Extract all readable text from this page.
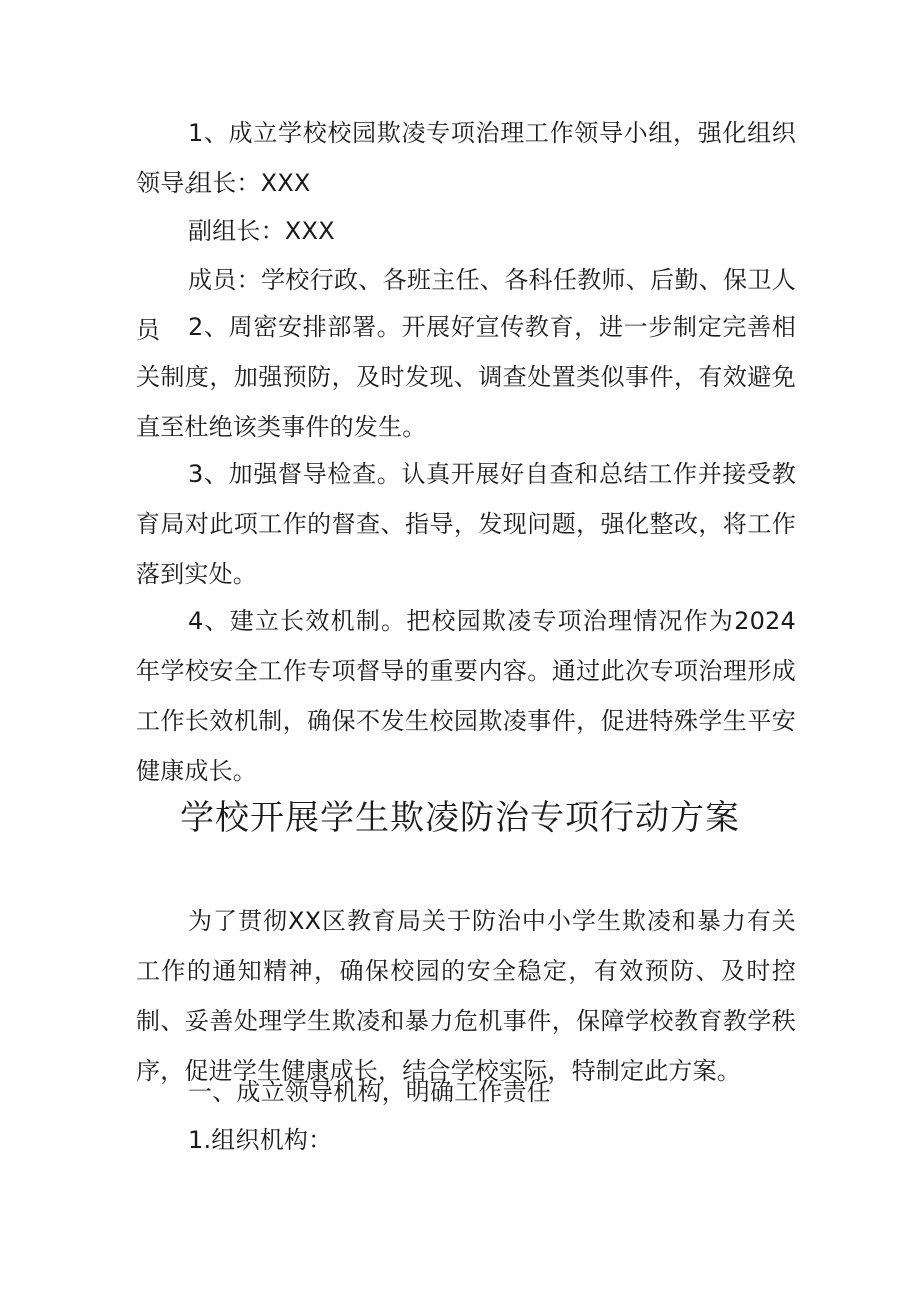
1、成立学校校园欺凌专项治理工作领导小组，强化组织领导。

组长：XXX

副组长：XXX

成员：学校行政、各班主任、各科任教师、后勤、保卫人员	2、周密安排部署。开展好宣传教育，进一步制定完善相关制度，加强预防，及时发现、调查处置类似事件，有效避免直至杜绝该类事件的发生。

3、加强督导检查。认真开展好自查和总结工作并接受教育局对此项工作的督查、指导，发现问题，强化整改，将工作落到实处。

4、建立长效机制。把校园欺凌专项治理情况作为2024年学校安全工作专项督导的重要内容。通过此次专项治理形成工作长效机制，确保不发生校园欺凌事件，促进特殊学生平安健康成长。

学校开展学生欺凌防治专项行动方案

为了贯彻XX区教育局关于防治中小学生欺凌和暴力有关工作的通知精神，确保校园的安全稳定，有效预防、及时控制、妥善处理学生欺凌和暴力危机事件，保障学校教育教学秩序，促进学生健康成长，结合学校实际，特制定此方案。

一、成立领导机构，明确工作责任

1.组织机构：
